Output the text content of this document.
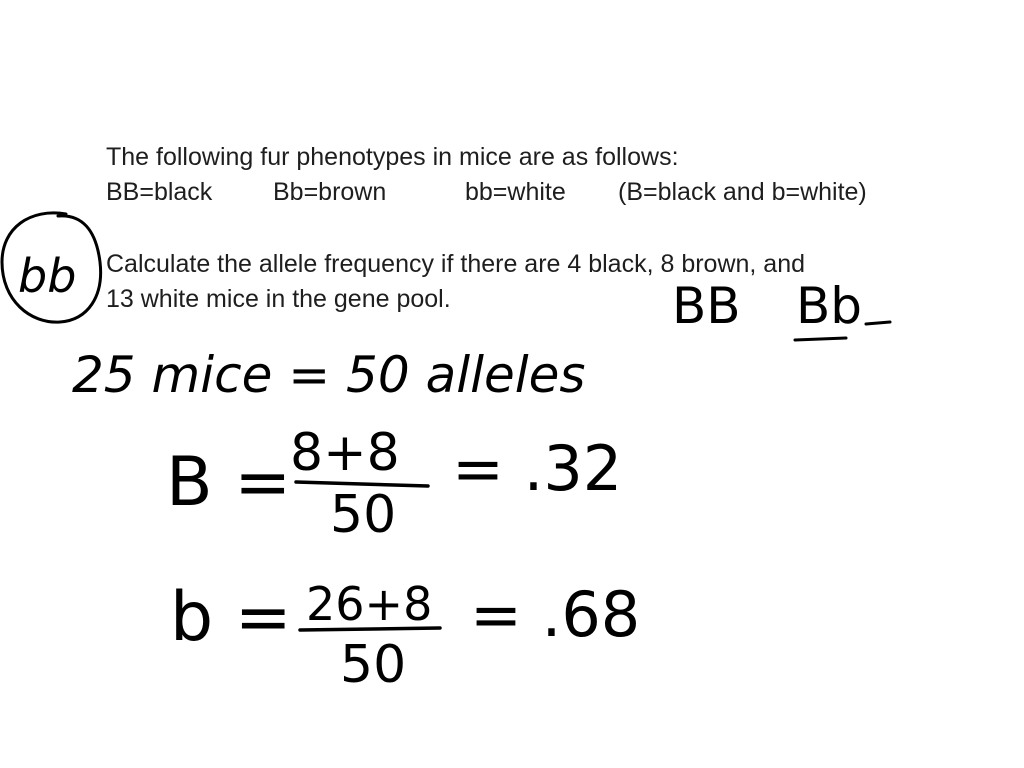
The following fur phenotypes in mice are as follows:

BB=black Bb=brown	bb=white (B=black and b=white)

Calculate the allele frequency if there are 4 black, 8 brown, and

13 white mice in the gene pool.

bb
BB Bb
25 mice = 50 alleles
B =
8+8
50
= .32
b = 26+8
50
= .68
